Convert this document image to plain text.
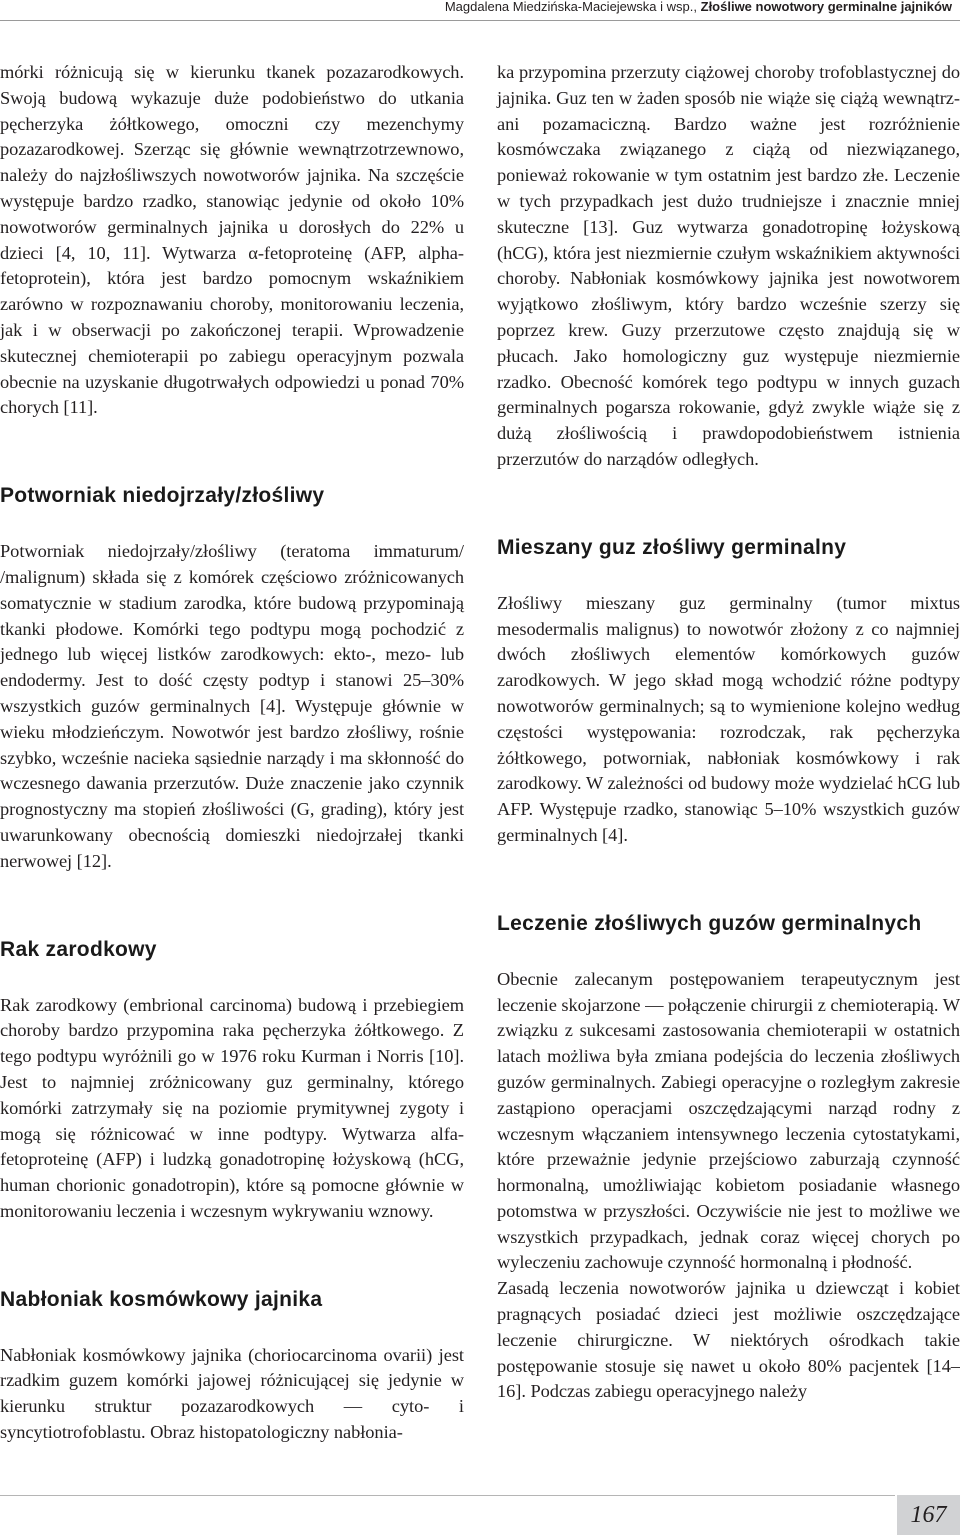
Magdalena Miedzińska-Maciejewska i wsp., Złośliwe nowotwory germinalne jajników

mórki różnicują się w kierunku tkanek pozazarodkowych. Swoją budową wykazuje duże podobieństwo do utkania pęcherzyka żółtkowego, omoczni czy mezenchymy pozazarodkowej. Szerząc się głównie wewnątrzotrzewnowo, należy do najzłośliwszych nowotworów jajnika. Na szczęście występuje bardzo rzadko, stanowiąc jedynie od około 10% nowotworów germinalnych jajnika u dorosłych do 22% u dzieci [4, 10, 11]. Wytwarza α-fetoproteinę (AFP, alpha-fetoprotein), która jest bardzo pomocnym wskaźnikiem zarówno w rozpoznawaniu choroby, monitorowaniu leczenia, jak i w obserwacji po zakończonej terapii. Wprowadzenie skutecznej chemioterapii po zabiegu operacyjnym pozwala obecnie na uzyskanie długotrwałych odpowiedzi u ponad 70% chorych [11].

Potworniak niedojrzały/złośliwy

Potworniak niedojrzały/złośliwy (teratoma immaturum/ /malignum) składa się z komórek częściowo zróżnicowanych somatycznie w stadium zarodka, które budową przypominają tkanki płodowe. Komórki tego podtypu mogą pochodzić z jednego lub więcej listków zarodkowych: ekto-, mezo- lub endodermy. Jest to dość częsty podtyp i stanowi 25–30% wszystkich guzów germinalnych [4]. Występuje głównie w wieku młodzieńczym. Nowotwór jest bardzo złośliwy, rośnie szybko, wcześnie nacieka sąsiednie narządy i ma skłonność do wczesnego dawania przerzutów. Duże znaczenie jako czynnik prognostyczny ma stopień złośliwości (G, grading), który jest uwarunkowany obecnością domieszki niedojrzałej tkanki nerwowej [12].

Rak zarodkowy

Rak zarodkowy (embrional carcinoma) budową i przebiegiem choroby bardzo przypomina raka pęcherzyka żółtkowego. Z tego podtypu wyróżnili go w 1976 roku Kurman i Norris [10]. Jest to najmniej zróżnicowany guz germinalny, którego komórki zatrzymały się na poziomie prymitywnej zygoty i mogą się różnicować w inne podtypy. Wytwarza alfa-fetoproteinę (AFP) i ludzką gonadotropinę łożyskową (hCG, human chorionic gonadotropin), które są pomocne głównie w monitorowaniu leczenia i wczesnym wykrywaniu wznowy.

Nabłoniak kosmówkowy jajnika

Nabłoniak kosmówkowy jajnika (choriocarcinoma ovarii) jest rzadkim guzem komórki jajowej różnicującej się jedynie w kierunku struktur pozazarodkowych — cyto- i syncytiotrofoblastu. Obraz histopatologiczny nabłonia-

ka przypomina przerzuty ciążowej choroby trofoblastycznej do jajnika. Guz ten w żaden sposób nie wiąże się ciążą wewnątrz- ani pozamaciczną. Bardzo ważne jest rozróżnienie kosmówczaka związanego z ciążą od niezwiązanego, ponieważ rokowanie w tym ostatnim jest bardzo złe. Leczenie w tych przypadkach jest dużo trudniejsze i znacznie mniej skuteczne [13]. Guz wytwarza gonadotropinę łożyskową (hCG), która jest niezmiernie czułym wskaźnikiem aktywności choroby. Nabłoniak kosmówkowy jajnika jest nowotworem wyjątkowo złośliwym, który bardzo wcześnie szerzy się poprzez krew. Guzy przerzutowe często znajdują się w płucach. Jako homologiczny guz występuje niezmiernie rzadko. Obecność komórek tego podtypu w innych guzach germinalnych pogarsza rokowanie, gdyż zwykle wiąże się z dużą złośliwością i prawdopodobieństwem istnienia przerzutów do narządów odległych.

Mieszany guz złośliwy germinalny

Złośliwy mieszany guz germinalny (tumor mixtus mesodermalis malignus) to nowotwór złożony z co najmniej dwóch złośliwych elementów komórkowych guzów zarodkowych. W jego skład mogą wchodzić różne podtypy nowotworów germinalnych; są to wymienione kolejno według częstości występowania: rozrodczak, rak pęcherzyka żółtkowego, potworniak, nabłoniak kosmówkowy i rak zarodkowy. W zależności od budowy może wydzielać hCG lub AFP. Występuje rzadko, stanowiąc 5–10% wszystkich guzów germinalnych [4].

Leczenie złośliwych guzów germinalnych

Obecnie zalecanym postępowaniem terapeutycznym jest leczenie skojarzone — połączenie chirurgii z chemioterapią. W związku z sukcesami zastosowania chemioterapii w ostatnich latach możliwa była zmiana podejścia do leczenia złośliwych guzów germinalnych. Zabiegi operacyjne o rozległym zakresie zastąpiono operacjami oszczędzającymi narząd rodny z wczesnym włączaniem intensywnego leczenia cytostatykami, które przeważnie jedynie przejściowo zaburzają czynność hormonalną, umożliwiając kobietom posiadanie własnego potomstwa w przyszłości. Oczywiście nie jest to możliwe we wszystkich przypadkach, jednak coraz więcej chorych po wyleczeniu zachowuje czynność hormonalną i płodność.

Zasadą leczenia nowotworów jajnika u dziewcząt i kobiet pragnących posiadać dzieci jest możliwie oszczędzające leczenie chirurgiczne. W niektórych ośrodkach takie postępowanie stosuje się nawet u około 80% pacjentek [14–16]. Podczas zabiegu operacyjnego należy

167
